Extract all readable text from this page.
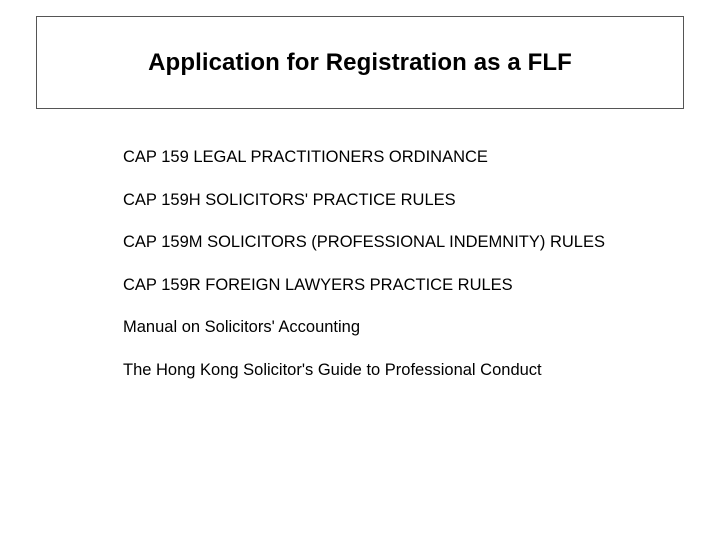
Application for Registration as a FLF
CAP 159 LEGAL PRACTITIONERS ORDINANCE
CAP 159H SOLICITORS' PRACTICE RULES
CAP 159M SOLICITORS (PROFESSIONAL INDEMNITY) RULES
CAP 159R FOREIGN LAWYERS PRACTICE RULES
Manual on Solicitors' Accounting
The Hong Kong Solicitor's Guide to Professional Conduct
